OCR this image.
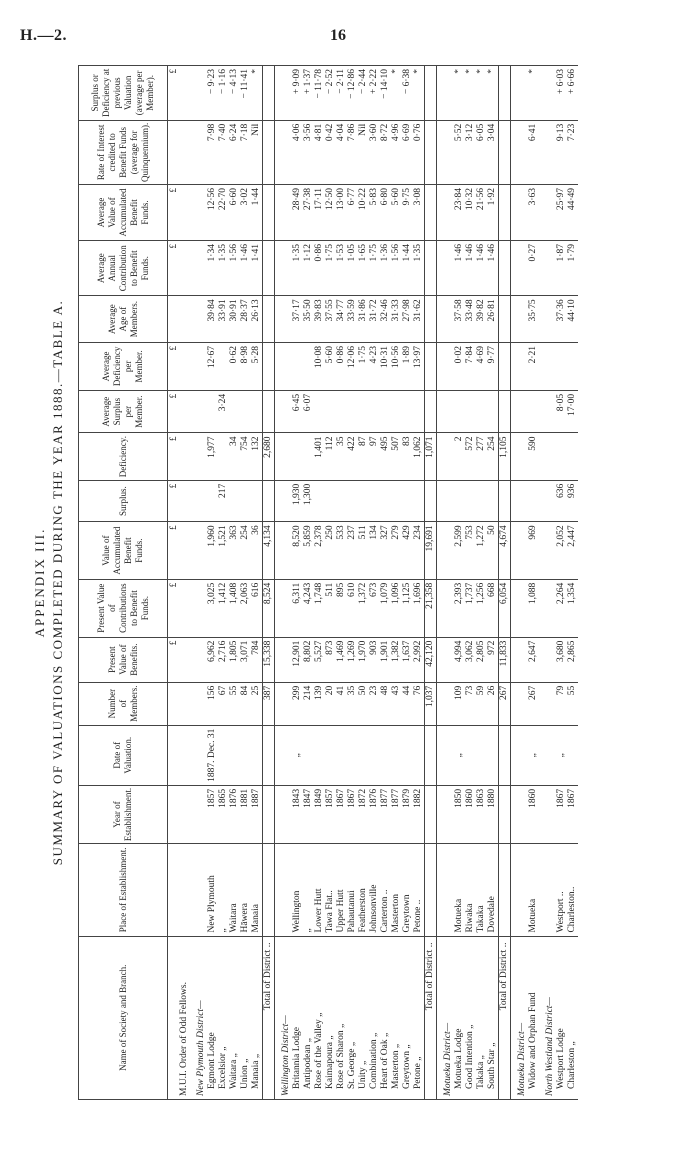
H.—2.	16
APPENDIX III. SUMMARY OF VALUATIONS COMPLETED DURING THE YEAR 1888.—TABLE A.
Name of Society and Branch.	Place of Establishment.	Year of Establishment.	Date of Valuation.	Number of Members.	Present Value of Benefits.	Present Value of Contributions to Benefit Funds.	Value of Accumulated Benefit Funds.	Surplus.	Deficiency.	Average Surplus per Member.	Average Deficiency per Member.	Average Age of Members.	Average Annual Contribution to Benefit Funds.	Average Value of Accumulated Benefit Funds.	Rate of Interest credited to Benefit Funds (average for Quinquennium).	Surplus or Deficiency at previous Valuation (average per Member).
					£	£	£	£	£	£	£		£	£		£
M.U.I. Order of Odd Fellows.																
New Plymouth District—																
Egmont Lodge	New Plymouth	1857	1887. Dec. 31	156	6,962	3,025	1,960		1,977		12·67	39·84	1·34	12·56	7·98	− 9·23
Excelsior „	„	1865		67	2,716	1,412	1,521	217		3·24		33·91	1·35	22·70	7·40	− 1·16
Waitara „	Waitara	1876		55	1,805	1,408	363		34		0·62	30·91	1·56	6·60	6·24	− 4·13
Union „	Hāwera	1881		84	3,071	2,063	254		754		8·98	28·37	1·46	3·02	7·18	− 11·41
Manaia „	Manaia	1887		25	784	616	36		132		5·28	26·13	1·41	1·44	Nil	*
Total of District ..				387	15,338	8,524	4,134		2,680							
Wellington District—																
Britannia Lodge	Wellington	1843	„	299	12,901	6,311	8,520	1,930		6·45		37·17	1·35	28·49	4·06	+ 9·09
Antipodean „	„	1847		214	8,802	4,243	5,859	1,300		6·07		35·50	1·12	27·38	3·56	+ 1·37
Rose of the Valley „	Lower Hutt	1849		139	5,527	1,748	2,378		1,401		10·08	39·83	0·86	17·11	4·81	− 11·78
Kaimapoura „	Tawa Flat..	1857		20	873	511	250		112		5·60	37·55	1·75	12·50	0·42	− 2·52
Rose of Sharon „	Upper Hutt	1867		41	1,469	895	533		35		0·86	34·77	1·53	13·00	4·04	− 2·11
St. George „	Pahautanui	1867		35	1,269	610	237		422		12·06	33·59	1·05	6·77	7·86	− 12·86
Unity „	Featherston	1872		50	1,970	1,372	511		87		1·75	31·86	1·65	10·22	Nil	− 2·44
Combination „	Johnsonville	1876		23	903	673	134		97		4·23	31·72	1·75	5·83	3·60	+ 2·22
Heart of Oak „	Carterton ..	1877		48	1,901	1,079	327		495		10·31	32·46	1·36	6·80	8·72	− 14·10
Masterton „	Masterton	1877		43	1,382	1,096	279		507		10·56	31·33	1·56	5·60	4·96	*
Greytown „	Greytown	1879		44	1,637	1,125	429		83		1·89	27·98	1·44	9·75	6·69	− 6·38
Petone „	Petone ..	1882		76	2,992	1,696	234		1,062		13·97	31·62	1·35	3·08	0·76	*
Total of District ..				1,037	42,120	21,358	19,691		1,071							
Motueka District—																
Motueka Lodge	Motueka	1850	„	109	4,994	2,393	2,599		2		0·02	37·58	1·46	23·84	5·52	*
Good Intention „	Riwaka	1860		73	3,062	1,737	753		572		7·84	33·48	1·46	10·32	3·12	*
Takaka „	Takaka	1863		59	2,805	1,256	1,272		277		4·69	39·82	1·46	21·56	6·05	*
South Star „	Dovedale	1880		26	972	668	50		254		9·77	26·81	1·46	1·92	3·04	*
Total of District ..				267	11,833	6,054	4,674		1,105							
Motueka District—																
Widow and Orphan Fund	Motueka	1860	„	267	2,647	1,088	969		590		2·21	35·75	0·27	3·63	6·41	*
North Westland District—																
Westport Lodge	Westport ..	1867	„	79	3,680	2,264	2,052	636		8·05		37·36	1·87	25·97	9·13	+ 6·03
Charleston „	Charleston..	1867		55	2,865	1,354	2,447	936		17·00		44·10	1·79	44·49	7·23	+ 6·66
